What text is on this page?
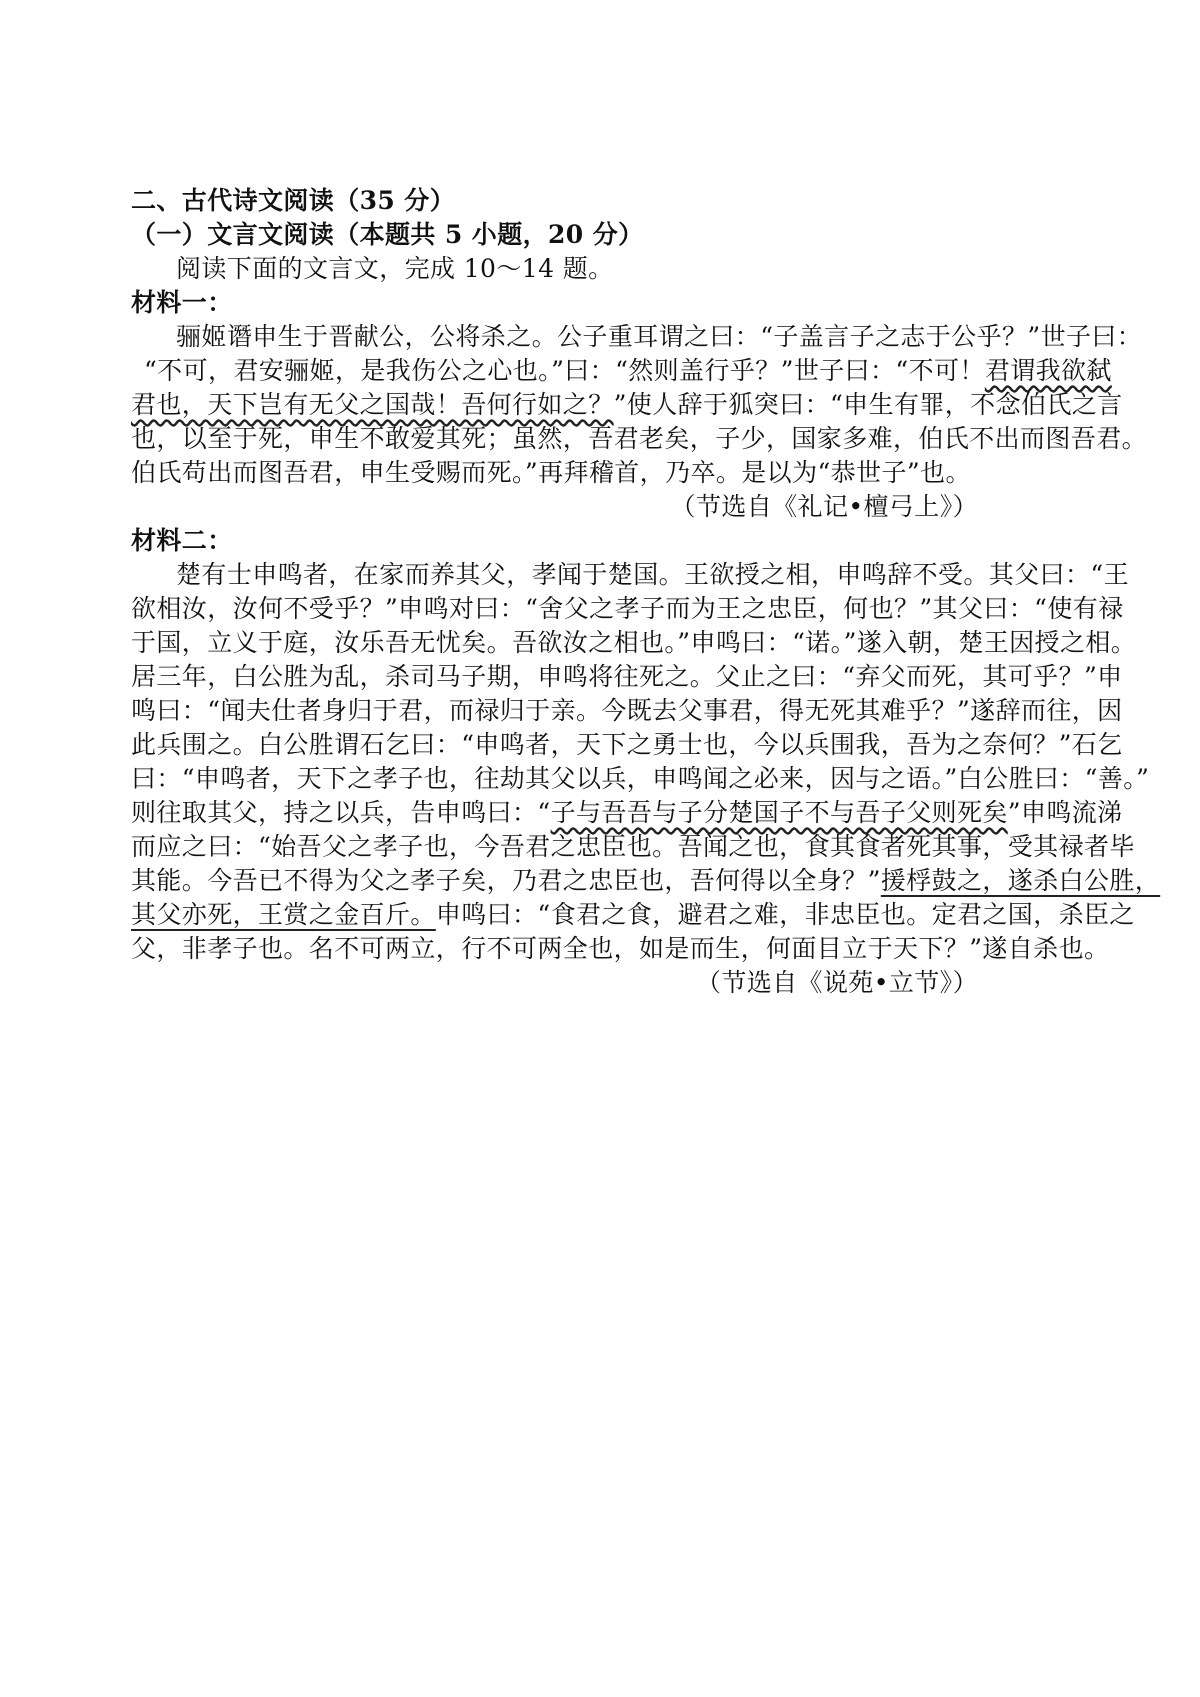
二、古代诗文阅读（35 分）
（一）文言文阅读（本题共 5 小题，20 分）
阅读下面的文言文，完成 10～14 题。
材料一：
骊姬谮申生于晋献公，公将杀之。公子重耳谓之曰：“子盖言子之志于公乎？”世子曰：
“不可，君安骊姬，是我伤公之心也。”曰：“然则盖行乎？”世子曰：“不可！君谓我欲弑
君也，天下岂有无父之国哉！吾何行如之？”使人辞于狐突曰：“申生有罪，不念伯氏之言
也，以至于死，申生不敢爱其死；虽然，吾君老矣，子少，国家多难，伯氏不出而图吾君。
伯氏苟出而图吾君，申生受赐而死。”再拜稽首，乃卒。是以为“恭世子”也。
（节选自《礼记•檀弓上》）
材料二：
楚有士申鸣者，在家而养其父，孝闻于楚国。王欲授之相，申鸣辞不受。其父曰：“王
欲相汝，汝何不受乎？”申鸣对曰：“舍父之孝子而为王之忠臣，何也？”其父曰：“使有禄
于国，立义于庭，汝乐吾无忧矣。吾欲汝之相也。”申鸣曰：“诺。”遂入朝，楚王因授之相。
居三年，白公胜为乱，杀司马子期，申鸣将往死之。父止之曰：“弃父而死，其可乎？”申
鸣曰：“闻夫仕者身归于君，而禄归于亲。今既去父事君，得无死其难乎？”遂辞而往，因
此兵围之。白公胜谓石乞曰：“申鸣者，天下之勇士也，今以兵围我，吾为之奈何？”石乞
曰：“申鸣者，天下之孝子也，往劫其父以兵，申鸣闻之必来，因与之语。”白公胜曰：“善。”
则往取其父，持之以兵，告申鸣曰：“子与吾吾与子分楚国子不与吾子父则死矣”申鸣流涕
而应之曰：“始吾父之孝子也，今吾君之忠臣也。吾闻之也，食其食者死其事，受其禄者毕
其能。今吾已不得为父之孝子矣，乃君之忠臣也，吾何得以全身？”援桴鼓之，遂杀白公胜，
其父亦死，王赏之金百斤。申鸣曰：“食君之食，避君之难，非忠臣也。定君之国，杀臣之
父，非孝子也。名不可两立，行不可两全也，如是而生，何面目立于天下？”遂自杀也。
（节选自《说苑•立节》）
